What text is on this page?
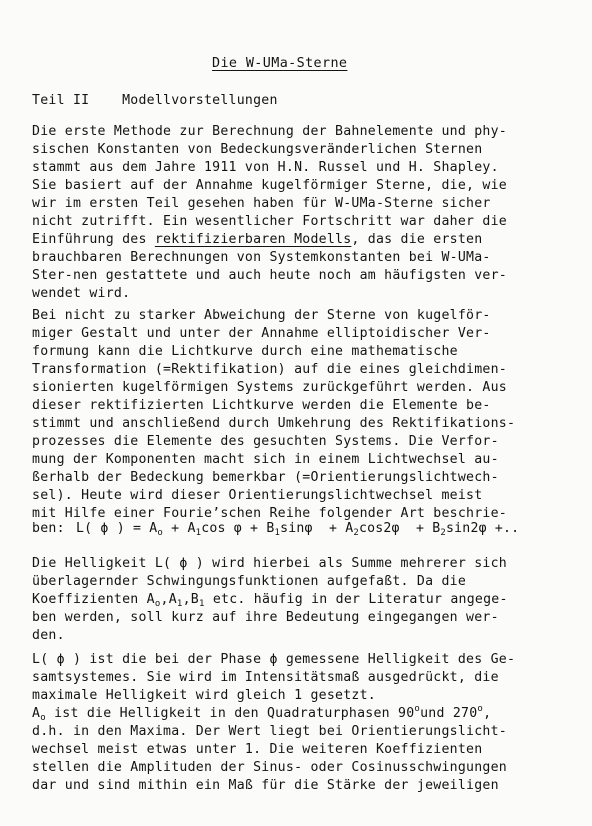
Die W-UMa-Sterne
Teil II    Modellvorstellungen
Die erste Methode zur Berechnung der Bahnelemente und phy-
sischen Konstanten von Bedeckungsveränderlichen Sternen
stammt aus dem Jahre 1911 von H.N. Russel und H. Shapley.
Sie basiert auf der Annahme kugelförmiger Sterne, die, wie
wir im ersten Teil gesehen haben für W-UMa-Sterne sicher
nicht zutrifft. Ein wesentlicher Fortschritt war daher die
Einführung des rektifizierbaren Modells, das die ersten
brauchbaren Berechnungen von Systemkonstanten bei W-UMa-
Ster-nen gestattete und auch heute noch am häufigsten ver-
wendet wird.
Bei nicht zu starker Abweichung der Sterne von kugelför-
miger Gestalt und unter der Annahme elliptoidischer Ver-
formung kann die Lichtkurve durch eine mathematische
Transformation (=Rektifikation) auf die eines gleichdimen-
sionierten kugelförmigen Systems zurückgeführt werden. Aus
dieser rektifizierten Lichtkurve werden die Elemente be-
stimmt und anschließend durch Umkehrung des Rektifikations-
prozesses die Elemente des gesuchten Systems. Die Verfor-
mung der Komponenten macht sich in einem Lichtwechsel au-
ßerhalb der Bedeckung bemerkbar (=Orientierungslichtwech-
sel). Heute wird dieser Orientierungslichtwechsel meist
mit Hilfe einer Fourie’schen Reihe folgender Art beschrie-
ben: L( ϕ ) = $A_o + A_1\cos$ $\varphi + B_1\sin\varphi + A_2\cos 2\varphi + B_2\sin 2\varphi$ +..
Die Helligkeit L( ϕ ) wird hierbei als Summe mehrerer sich
überlagernder Schwingungsfunktionen aufgefaßt. Da die
Koeffizienten $A_o,A_1,B_1$ etc. häufig in der Literatur angege-
ben werden, soll kurz auf ihre Bedeutung eingegangen wer-
den.
L( ϕ ) ist die bei der Phase ϕ gemessene Helligkeit des Ge-
samtsystemes. Sie wird im Intensitätsmaß ausgedrückt, die
maximale Helligkeit wird gleich 1 gesetzt.
$A_o$ ist die Helligkeit in den Quadraturphasen 90$^o$und 270$^o$,
d.h. in den Maxima. Der Wert liegt bei Orientierungslicht-
wechsel meist etwas unter 1. Die weiteren Koeffizienten
stellen die Amplituden der Sinus- oder Cosinusschwingungen
dar und sind mithin ein Maß für die Stärke der jeweiligen
